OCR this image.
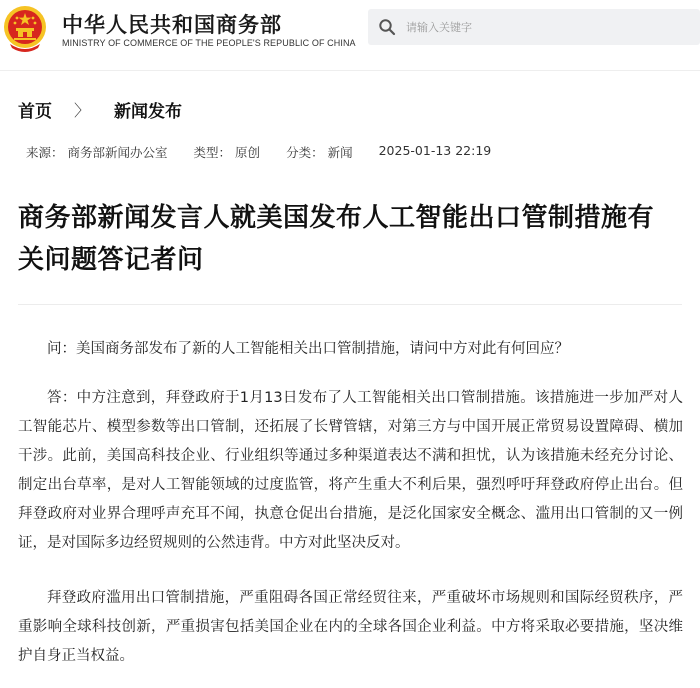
中华人民共和国商务部
MINISTRY OF COMMERCE OF THE PEOPLE'S REPUBLIC OF CHINA
请输入关键字
首页 〉 新闻发布
来源： 商务部新闻办公室 类型： 原创 分类： 新闻 2025-01-13 22:19
商务部新闻发言人就美国发布人工智能出口管制措施有关问题答记者问

问：美国商务部发布了新的人工智能相关出口管制措施，请问中方对此有何回应？

答：中方注意到，拜登政府于1月13日发布了人工智能相关出口管制措施。该措施进一步加严对人工智能芯片、模型参数等出口管制，还拓展了长臂管辖，对第三方与中国开展正常贸易设置障碍、横加干涉。此前，美国高科技企业、行业组织等通过多种渠道表达不满和担忧，认为该措施未经充分讨论、制定出台草率，是对人工智能领域的过度监管，将产生重大不利后果，强烈呼吁拜登政府停止出台。但拜登政府对业界合理呼声充耳不闻，执意仓促出台措施，是泛化国家安全概念、滥用出口管制的又一例证，是对国际多边经贸规则的公然违背。中方对此坚决反对。

拜登政府滥用出口管制措施，严重阻碍各国正常经贸往来，严重破坏市场规则和国际经贸秩序，严重影响全球科技创新，严重损害包括美国企业在内的全球各国企业利益。中方将采取必要措施，坚决维护自身正当权益。
